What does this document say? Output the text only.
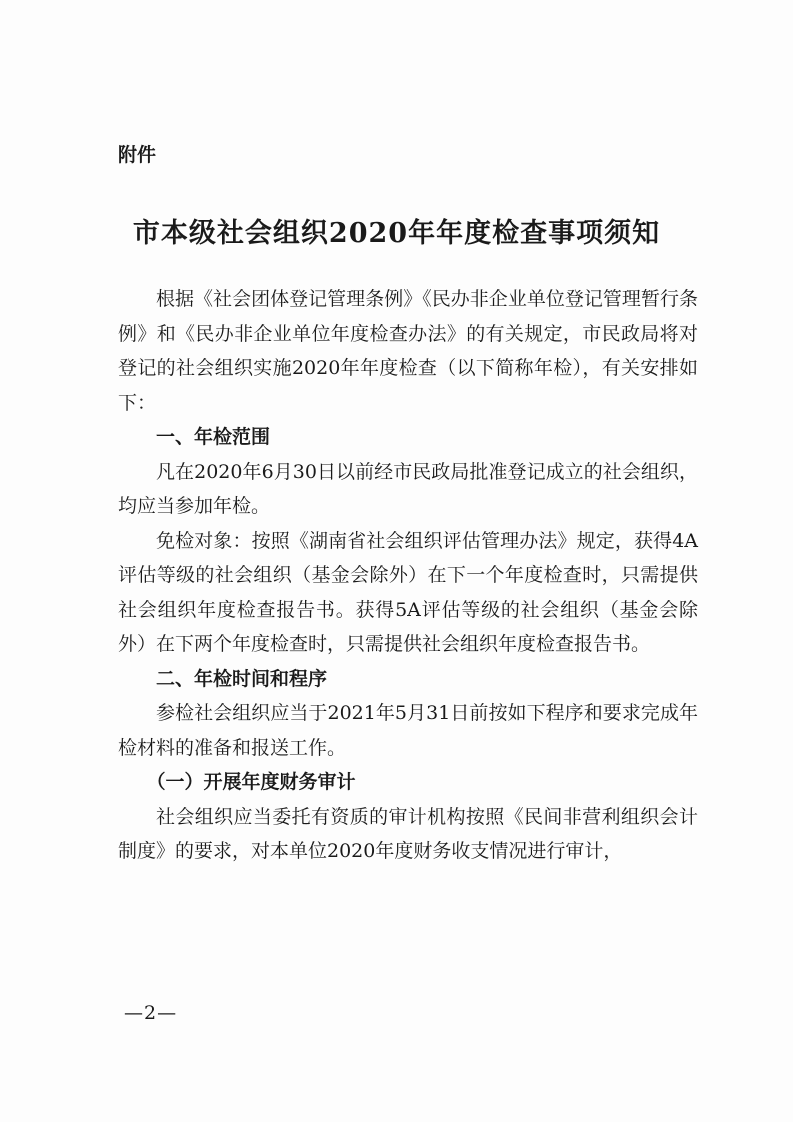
附件

市本级社会组织2020年年度检查事项须知

根据《社会团体登记管理条例》《民办非企业单位登记管理暂行条例》和《民办非企业单位年度检查办法》的有关规定，市民政局将对登记的社会组织实施2020年年度检查（以下简称年检），有关安排如下：

一、年检范围

凡在2020年6月30日以前经市民政局批准登记成立的社会组织，均应当参加年检。

免检对象：按照《湖南省社会组织评估管理办法》规定，获得4A评估等级的社会组织（基金会除外）在下一个年度检查时，只需提供社会组织年度检查报告书。获得5A评估等级的社会组织（基金会除外）在下两个年度检查时，只需提供社会组织年度检查报告书。

二、年检时间和程序

参检社会组织应当于2021年5月31日前按如下程序和要求完成年检材料的准备和报送工作。

（一）开展年度财务审计

社会组织应当委托有资质的审计机构按照《民间非营利组织会计制度》的要求，对本单位2020年度财务收支情况进行审计，

—2—
